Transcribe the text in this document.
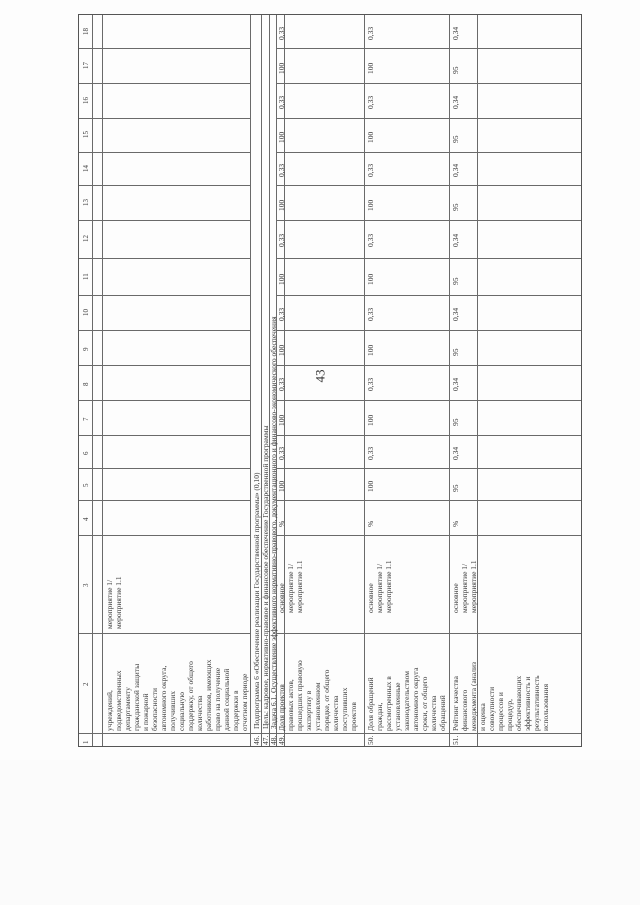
43
1
2
3
4
5
6
7
8
9
10
11
12
13
14
15
16
17
18
учреждений, подведомственных департаменту гражданской защиты и пожарной безопасности автономного округа, получивших социальную поддержку, от общего количества работников, имеющих право на получение данной социальной поддержки в отчетном периоде
мероприятие 1/ мероприятие 1.1
46.
Подпрограмма 6 «Обеспечение реализации Государственной программы» (0,10)
47.
Цель: кадровое, нормативно-правовое и финансовое обеспечение Государственной программы
48.
Задача 6.1. Осуществление эффективного нормативно-правового, документационного и финансово-экономического обеспечения
49.
Доля проектов правовых актов, прошедших правовую экспертизу в установленном порядке, от общего количества поступивших проектов
основное мероприятие 1/ мероприятие 1.1
%
100
0,33
100
0,33
100
0,33
100
0,33
100
0,33
100
0,33
100
0,33
50.
Доля обращений граждан, рассмотренных в установленные законодательством автономного округа сроки, от общего количества обращений
основное мероприятие 1/ мероприятие 1.1
%
100
0,33
100
0,33
100
0,33
100
0,33
100
0,33
100
0,33
100
0,33
51.
Рейтинг качества финансового менеджмента (анализ и оценка совокупности процессов и процедур, обеспечивающих эффективность и результативность использования
основное мероприятие 1/ мероприятие 1.1
%
95
0,34
95
0,34
95
0,34
95
0,34
95
0,34
95
0,34
95
0,34
